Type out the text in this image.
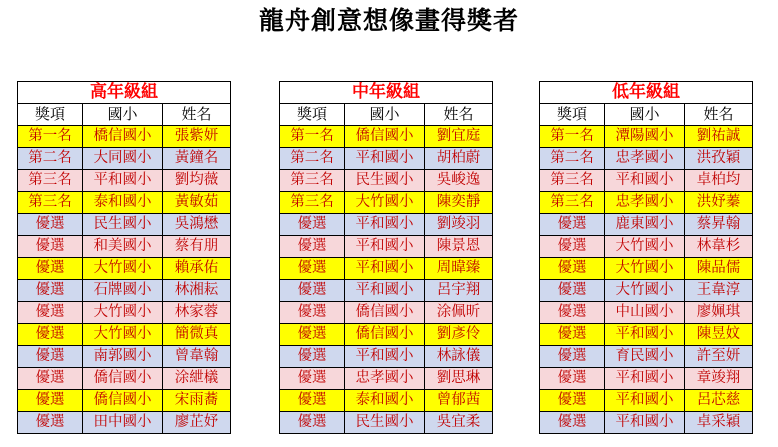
龍舟創意想像畫得獎者
高年級組		
獎項	國小	姓名
第一名	橋信國小	張紫妍
第二名	大同國小	黃鐘名
第三名	平和國小	劉均薇
第三名	泰和國小	黃敏茹
優選	民生國小	吳鴻懋
優選	和美國小	蔡有朋
優選	大竹國小	賴承佑
優選	石牌國小	林湘耘
優選	大竹國小	林家蓉
優選	大竹國小	簡微真
優選	南郭國小	曾韋翰
優選	僑信國小	涂紲檥
優選	僑信國小	宋雨蕎
優選	田中國小	廖芷妤
中年級組		
獎項	國小	姓名
第一名	僑信國小	劉宜庭
第二名	平和國小	胡柏蔚
第三名	民生國小	吳峻逸
第三名	大竹國小	陳奕靜
優選	平和國小	劉竣羽
優選	平和國小	陳景恩
優選	平和國小	周暐臻
優選	平和國小	呂宇翔
優選	僑信國小	涂佩昕
優選	僑信國小	劉彥伶
優選	平和國小	林詠儀
優選	忠孝國小	劉思琳
優選	泰和國小	曾郁茜
優選	民生國小	吳宜柔
低年級組		
獎項	國小	姓名
第一名	潭陽國小	劉祐誠
第二名	忠孝國小	洪孜穎
第三名	平和國小	卓柏均
第三名	忠孝國小	洪妤蓁
優選	鹿東國小	蔡昇翰
優選	大竹國小	林韋杉
優選	大竹國小	陳品儒
優選	大竹國小	王韋淳
優選	中山國小	廖姵琪
優選	平和國小	陳昱妏
優選	育民國小	許至妍
優選	平和國小	章竣翔
優選	平和國小	呂芯慈
優選	平和國小	卓采穎
